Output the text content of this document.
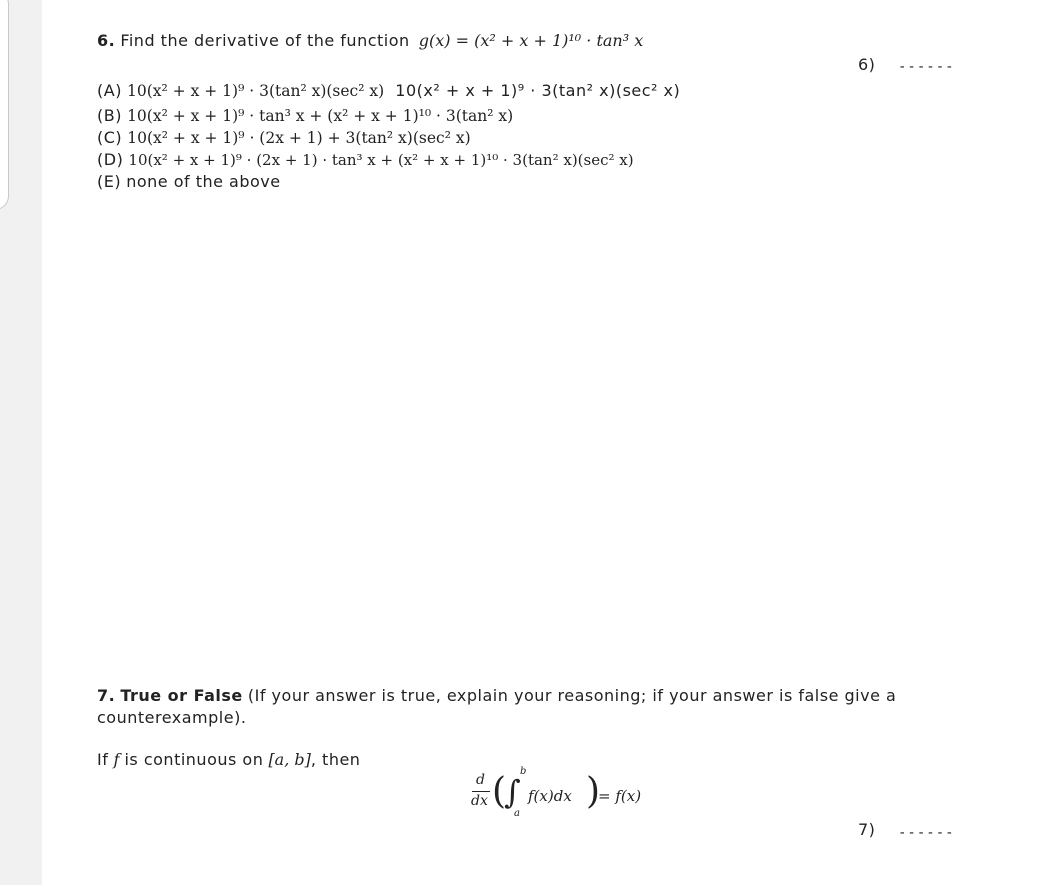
6. Find the derivative of the function g(x) = (x² + x + 1)¹⁰ · tan³ x
6) ------
(A) 10(x² + x + 1)⁹ · 3(tan² x)(sec² x) 10(x² + x + 1)⁹ · 3(tan² x)(sec² x)
(B) 10(x² + x + 1)⁹ · tan³ x + (x² + x + 1)¹⁰ · 3(tan² x)
(C) 10(x² + x + 1)⁹ · (2x + 1) + 3(tan² x)(sec² x)
(D) 10(x² + x + 1)⁹ · (2x + 1) · tan³ x + (x² + x + 1)¹⁰ · 3(tan² x)(sec² x)
(E) none of the above
7. True or False (If your answer is true, explain your reasoning; if your answer is false give a
counterexample).
If f is continuous on [a, b], then
d
dx (
∫
b
a
f(x)dx )
= f(x)
7) ------
